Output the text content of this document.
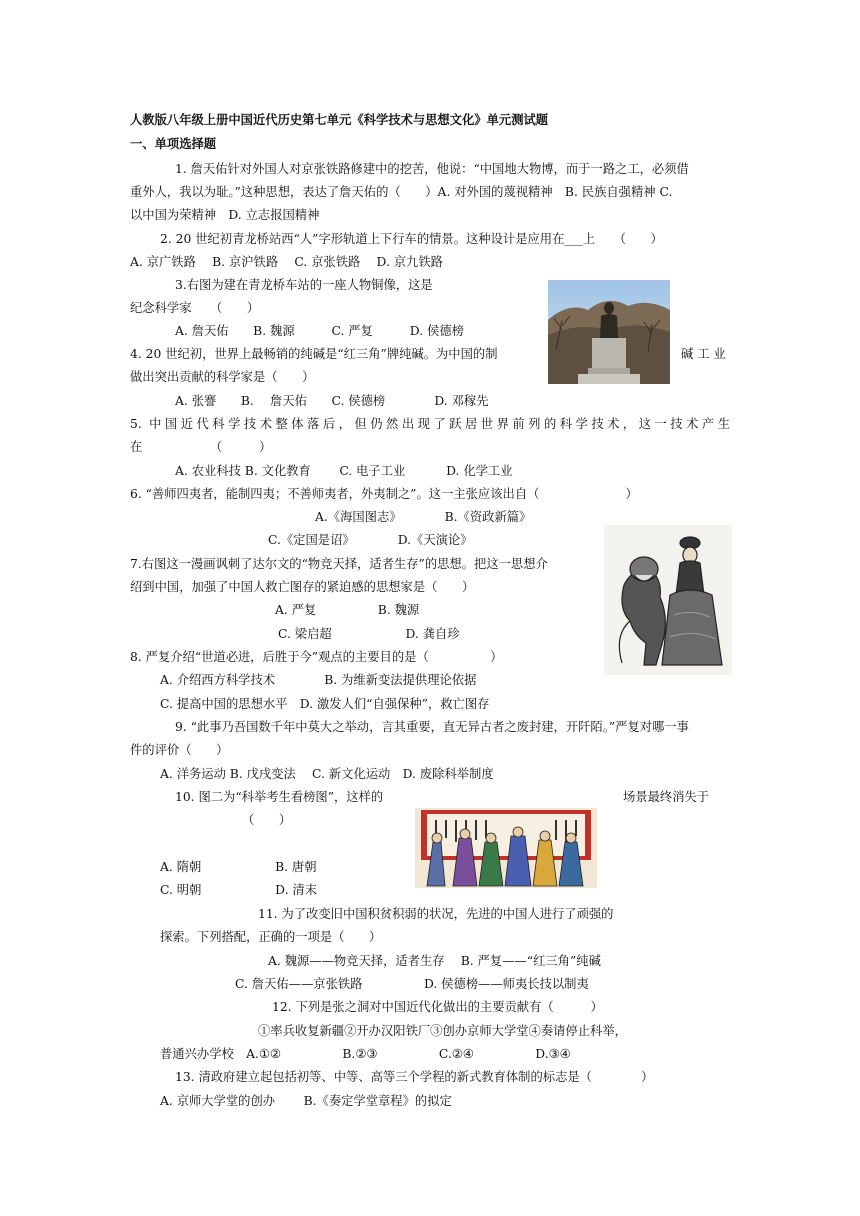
人教版八年级上册中国近代历史第七单元《科学技术与思想文化》单元测试题
一、单项选择题
1. 詹天佑针对外国人对京张铁路修建中的挖苦，他说：“中国地大物博，而于一路之工，必须借
重外人，我以为耻。”这种思想，表达了詹天佑的（　　）A. 对外国的蔑视精神　B. 民族自强精神 C.
以中国为荣精神　D. 立志报国精神
2. 20 世纪初青龙桥站西“人”字形轨道上下行车的情景。这种设计是应用在___上　　（　　）
A. 京广铁路　 B. 京沪铁路　 C. 京张铁路　 D. 京九铁路
3.右图为建在青龙桥车站的一座人物铜像，这是
纪念科学家　　（　　）
A. 詹天佑　　B. 魏源　　　C. 严复　　　D. 侯德榜
4. 20 世纪初，世界上最畅销的纯碱是“红三角”牌纯碱。为中国的制	碱 工 业
做出突出贡献的科学家是（　　）
A. 张謇　　B.　 詹天佑　　C. 侯德榜　　　　D. 邓稼先
5. 中国近代科学技术整体落后，但仍然出现了跃居世界前列的科学技术，这一技术产生
在　　　　　　（　　　）
A. 农业科技 B. 文化教育　　 C. 电子工业　　　 D. 化学工业
6. “善师四夷者，能制四夷；不善师夷者，外夷制之”。这一主张应该出自（　　　　　　　）
A.《海国图志》　　　　B.《资政新篇》
C.《定国是诏》　　　　D.《天演论》
7.右图这一漫画讽刺了达尔文的“物竞天择，适者生存”的思想。把这一思想介
绍到中国，加强了中国人救亡图存的紧迫感的思想家是（　　）
A. 严复　　　　　B. 魏源
C. 梁启超　　　　　　D. 龚自珍
8. 严复介绍“世道必进，后胜于今”观点的主要目的是（　　　　　）
A. 介绍西方科学技术　　　　B. 为维新变法提供理论依据
C. 提高中国的思想水平　D. 激发人们“自强保种”，救亡图存
9. “此事乃吾国数千年中莫大之举动，言其重要，直无异古者之废封建，开阡陌。”严复对哪一事
件的评价（　　）
A. 洋务运动 B. 戊戌变法　 C. 新文化运动　D. 废除科举制度
10. 图二为“科举考生看榜图”，这样的	场景最终消失于
（　　）
A. 隋朝　　　　　　B. 唐朝
C. 明朝　　　　　　D. 清末
11. 为了改变旧中国积贫积弱的状况，先进的中国人进行了顽强的
探索。下列搭配，正确的一项是（　　）
A. 魏源——物竞天择，适者生存　 B. 严复——“红三角”纯碱
C. 詹天佑——京张铁路　　　　　D. 侯德榜——师夷长技以制夷
12. 下列是张之洞对中国近代化做出的主要贡献有（　　　）
①率兵收复新疆②开办汉阳铁厂③创办京师大学堂④奏请停止科举，
普通兴办学校　A.①②　　　　　B.②③　　　　　C.②④　　　　　D.③④
13. 清政府建立起包括初等、中等、高等三个学程的新式教育体制的标志是（　　　　）
A. 京师大学堂的创办　　 B.《奏定学堂章程》的拟定
